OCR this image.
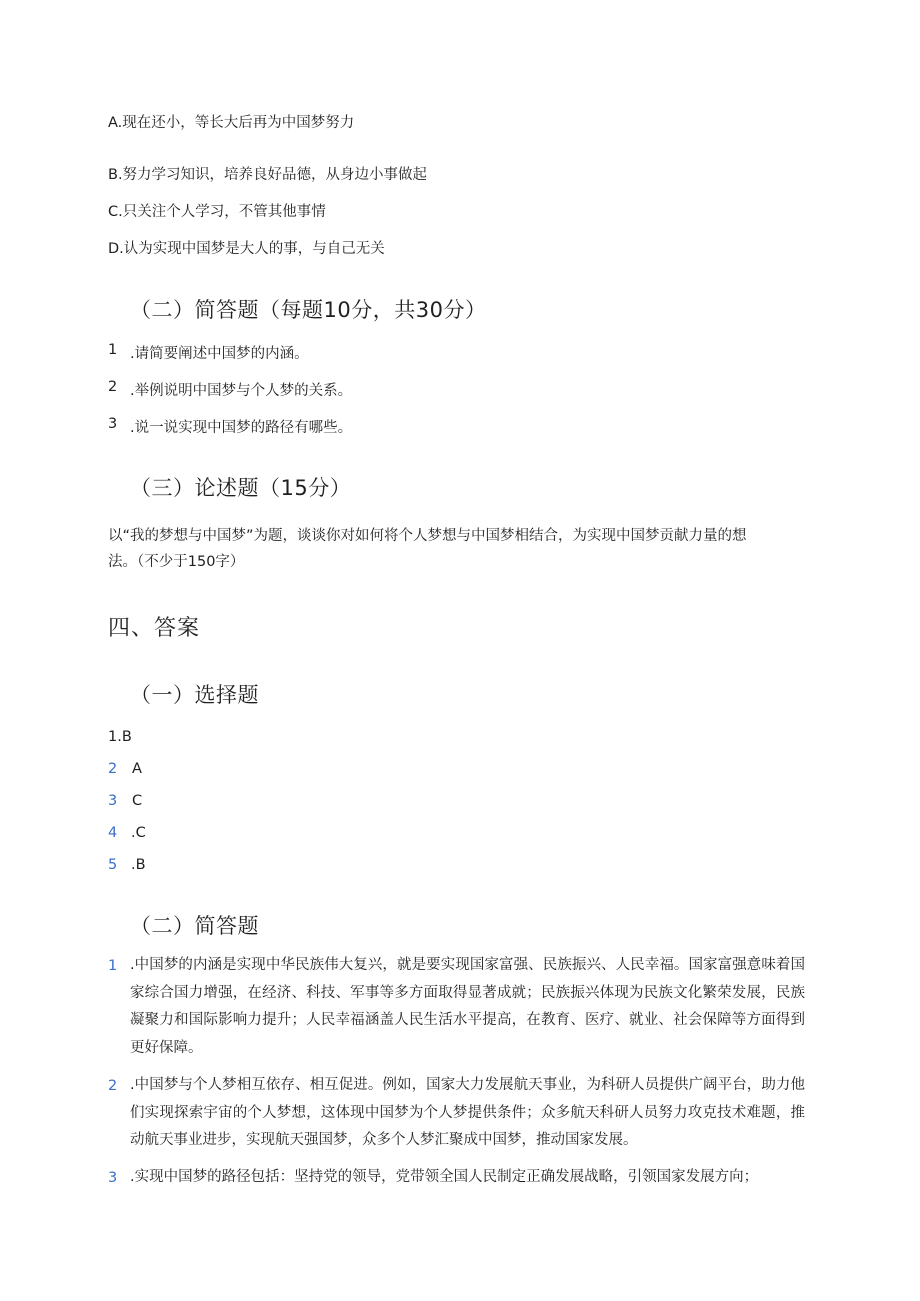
A.现在还小，等长大后再为中国梦努力
B.努力学习知识，培养良好品德，从身边小事做起
C.只关注个人学习，不管其他事情
D.认为实现中国梦是大人的事，与自己无关
（二）简答题（每题10分，共30分）
1 .请简要阐述中国梦的内涵。
2 .举例说明中国梦与个人梦的关系。
3 .说一说实现中国梦的路径有哪些。
（三）论述题（15分）
以“我的梦想与中国梦”为题，谈谈你对如何将个人梦想与中国梦相结合，为实现中国梦贡献力量的想
法。（不少于150字）
四、答案
（一）选择题
1.B
2 A
3 C
4 .C
5 .B
（二）简答题
1 .中国梦的内涵是实现中华民族伟大复兴，就是要实现国家富强、民族振兴、人民幸福。国家富强意味着国家综合国力增强，在经济、科技、军事等多方面取得显著成就；民族振兴体现为民族文化繁荣发展，民族凝聚力和国际影响力提升；人民幸福涵盖人民生活水平提高，在教育、医疗、就业、社会保障等方面得到更好保障。
2 .中国梦与个人梦相互依存、相互促进。例如，国家大力发展航天事业，为科研人员提供广阔平台，助力他们实现探索宇宙的个人梦想，这体现中国梦为个人梦提供条件；众多航天科研人员努力攻克技术难题，推动航天事业进步，实现航天强国梦，众多个人梦汇聚成中国梦，推动国家发展。
3 .实现中国梦的路径包括：坚持党的领导，党带领全国人民制定正确发展战略，引领国家发展方向；
